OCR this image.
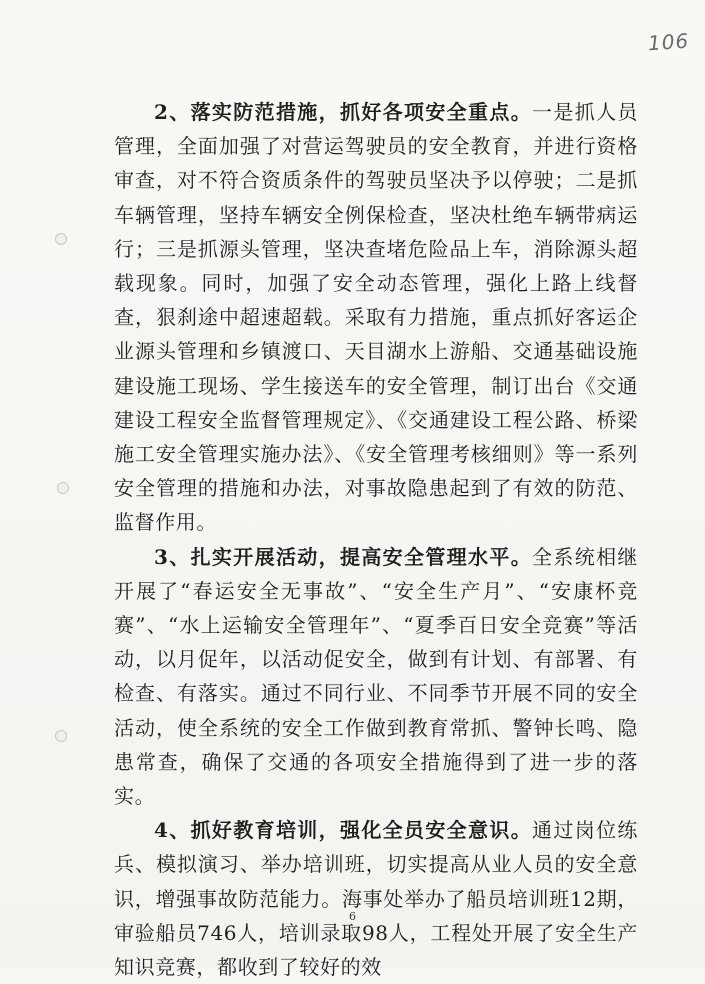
106

2、落实防范措施，抓好各项安全重点。一是抓人员管理，全面加强了对营运驾驶员的安全教育，并进行资格审查，对不符合资质条件的驾驶员坚决予以停驶；二是抓车辆管理，坚持车辆安全例保检查，坚决杜绝车辆带病运行；三是抓源头管理，坚决查堵危险品上车，消除源头超载现象。同时，加强了安全动态管理，强化上路上线督查，狠刹途中超速超载。采取有力措施，重点抓好客运企业源头管理和乡镇渡口、天目湖水上游船、交通基础设施建设施工现场、学生接送车的安全管理，制订出台《交通建设工程安全监督管理规定》、《交通建设工程公路、桥梁施工安全管理实施办法》、《安全管理考核细则》等一系列安全管理的措施和办法，对事故隐患起到了有效的防范、监督作用。

3、扎实开展活动，提高安全管理水平。全系统相继开展了“春运安全无事故”、“安全生产月”、“安康杯竞赛”、“水上运输安全管理年”、“夏季百日安全竞赛”等活动，以月促年，以活动促安全，做到有计划、有部署、有检查、有落实。通过不同行业、不同季节开展不同的安全活动，使全系统的安全工作做到教育常抓、警钟长鸣、隐患常查，确保了交通的各项安全措施得到了进一步的落实。

4、抓好教育培训，强化全员安全意识。通过岗位练兵、模拟演习、举办培训班，切实提高从业人员的安全意识，增强事故防范能力。海事处举办了船员培训班12期，审验船员746人，培训录取98人，工程处开展了安全生产知识竞赛，都收到了较好的效

6
